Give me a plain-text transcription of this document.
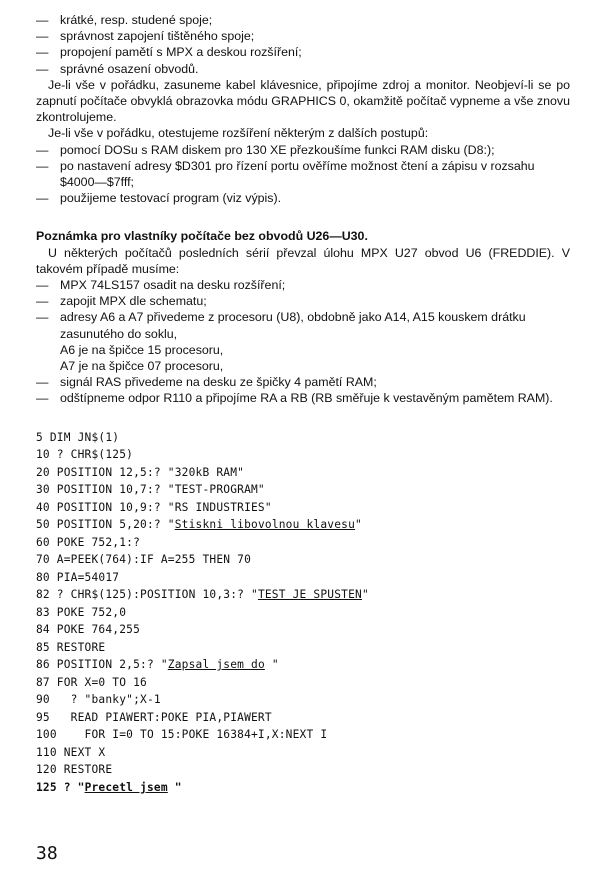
— krátké, resp. studené spoje;
— správnost zapojení tištěného spoje;
— propojení pamětí s MPX a deskou rozšíření;
— správné osazení obvodů.

Je-li vše v pořádku, zasuneme kabel klávesnice, připojíme zdroj a monitor. Neobjeví-li se po zapnutí počítače obvyklá obrazovka módu GRAPHICS 0, okamžitě počítač vypneme a vše znovu zkontrolujeme.

Je-li vše v pořádku, otestujeme rozšíření některým z dalších postupů:

— pomocí DOSu s RAM diskem pro 130 XE přezkoušíme funkci RAM disku (D8:);
— po nastavení adresy $D301 pro řízení portu ověříme možnost čtení a zápisu v rozsahu $4000—$7fff;
— použijeme testovací program (viz výpis).
Poznámka pro vlastníky počítače bez obvodů U26—U30.

U některých počítačů posledních sérií převzal úlohu MPX U27 obvod U6 (FREDDIE). V takovém případě musíme:

— MPX 74LS157 osadit na desku rozšíření;
— zapojit MPX dle schematu;
— adresy A6 a A7 přivedeme z procesoru (U8), obdobně jako A14, A15 kouskem drátku zasunutého do soklu,
A6 je na špičce 15 procesoru,
A7 je na špičce 07 procesoru,
— signál RAS přivedeme na desku ze špičky 4 pamětí RAM;
— odštípneme odpor R110 a připojíme RA a RB (RB směřuje k vestavěným pamětem RAM).
5 DIM JN$(1)
10 ? CHR$(125)
20 POSITION 12,5:? "320kB RAM"
30 POSITION 10,7:? "TEST-PROGRAM"
40 POSITION 10,9:? "RS INDUSTRIES"
50 POSITION 5,20:? "Stiskni libovolnou klavesu"
60 POKE 752,1:?
70 A=PEEK(764):IF A=255 THEN 70
80 PIA=54017
82 ? CHR$(125):POSITION 10,3:? "TEST JE SPUSTEN"
83 POKE 752,0
84 POKE 764,255
85 RESTORE
86 POSITION 2,5:? "Zapsal jsem do "
87 FOR X=0 TO 16
90   ? "banky";X-1
95   READ PIAWERT:POKE PIA,PIAWERT
100    FOR I=0 TO 15:POKE 16384+I,X:NEXT I
110 NEXT X
120 RESTORE
125 ? "Precetl jsem "
38
